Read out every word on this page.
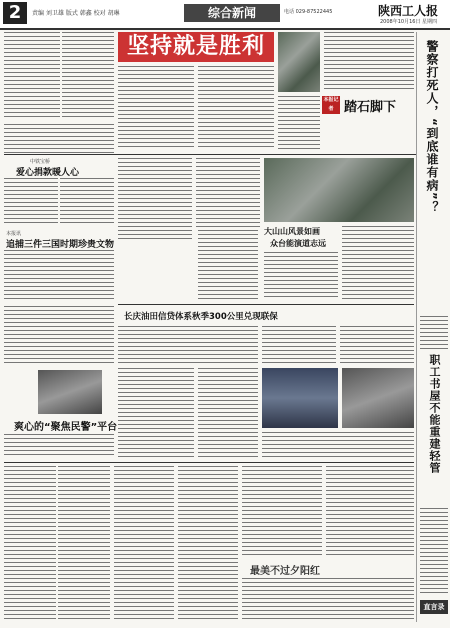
2	责编 刘卫雄 版式 韩鑫 校对 胡琳	综合新闻	电话 029-87522445	陕西工人报
2008年10月16日 星期四
坚持就是胜利
本报记者 踏石脚下
中铁宝桥
爱心捐款暖人心
本报讯
追捕三件三国时期珍贵文物
大山山风景如画
众台能演道志远
长庆油田信贷体系秋季300公里兑现联保
爽心的“聚焦民警”平台
最美不过夕阳红
警察打死人，“到底谁有病”？
职工书屋不能重建轻管
直言录
